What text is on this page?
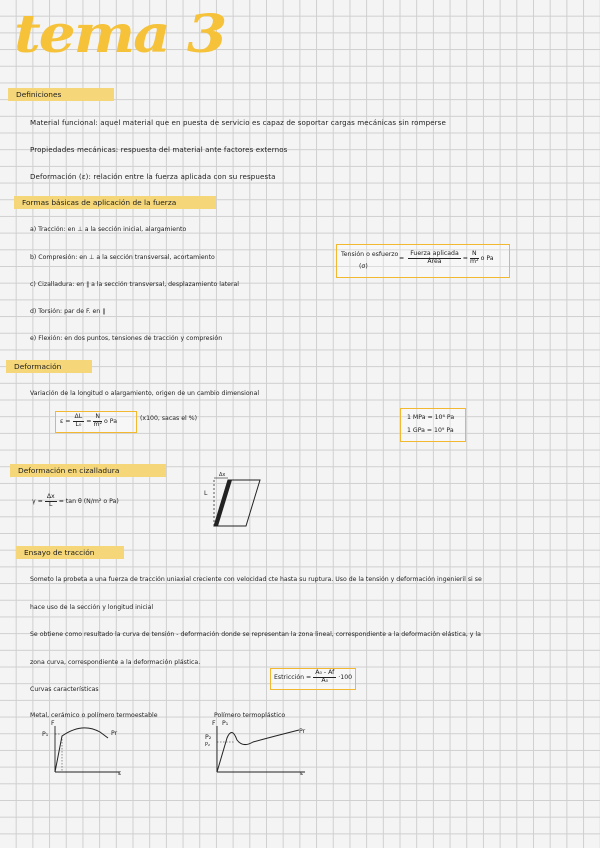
tema 3
Definiciones
Material funcional: aquel material que en puesta de servicio es capaz de soportar cargas mecánicas sin romperse
Propiedades mecánicas: respuesta del material ante factores externos
Deformación (ε): relación entre la fuerza aplicada con su respuesta
Formas básicas de aplicación de la fuerza
a) Tracción: en ⊥ a la sección inicial, alargamiento
b) Compresión: en ⊥ a la sección transversal, acortamiento
c) Cizalladura: en ∥ a la sección transversal, desplazamiento lateral
d) Torsión: par de F. en ∥
e) Flexión: en dos puntos, tensiones de tracción y compresión
Tensión o esfuerzo
(σ)
= $\frac{\text{Fuerza aplicada}}{\text{Área}} = \frac{N}{\text{m²}}$ o Pa
Deformación
Variación de la longitud o alargamiento, origen de un cambio dimensional
$\varepsilon = \frac{\Delta L}{\text{L₀}} = \frac{N}{\text{m²}}$ o Pa	(x100, sacas el %)	1 MPa = 10⁶ Pa
1 GPa = 10⁹ Pa
Deformación en cizalladura
$\gamma = \frac{\Delta x}{L} = \tan \theta$ (N/m² o Pa)
Δx
L
Ensayo de tracción
Someto la probeta a una fuerza de tracción uniaxial creciente con velocidad cte hasta su ruptura. Uso de la tensión y deformación ingenieril si se
hace uso de la sección y longitud inicial
Se obtiene como resultado la curva de tensión - deformación donde se representan la zona lineal, correspondiente a la deformación elástica, y la
zona curva, correspondiente a la deformación plástica.
Estricción = $\frac{\text{A₀ - Af}}{\text{A₀}} \cdot 100$
Curvas características
Metal, cerámico o polímero termoestable
F
P₁	Pr
ε
Polímero termoplástico
F P₁
P₂
P₂
Pr
ε
